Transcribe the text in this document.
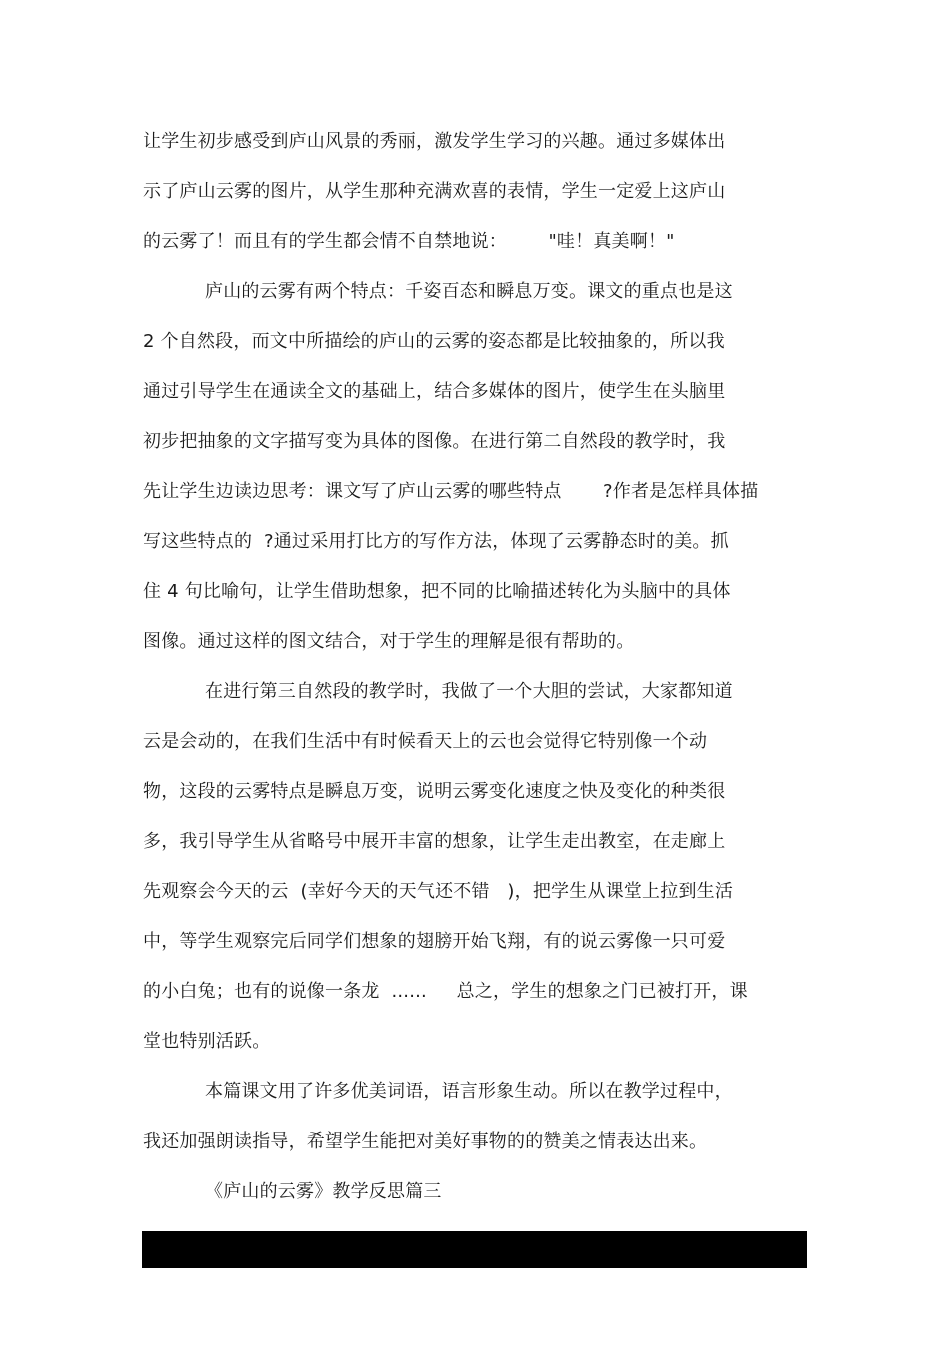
让学生初步感受到庐山风景的秀丽，激发学生学习的兴趣。通过多媒体出
示了庐山云雾的图片，从学生那种充满欢喜的表情，学生一定爱上这庐山
的云雾了！而且有的学生都会情不自禁地说：       "哇！真美啊！"
庐山的云雾有两个特点：千姿百态和瞬息万变。课文的重点也是这
2 个自然段，而文中所描绘的庐山的云雾的姿态都是比较抽象的，所以我
通过引导学生在通读全文的基础上，结合多媒体的图片，使学生在头脑里
初步把抽象的文字描写变为具体的图像。在进行第二自然段的教学时，我
先让学生边读边思考：课文写了庐山云雾的哪些特点       ?作者是怎样具体描
写这些特点的  ?通过采用打比方的写作方法，体现了云雾静态时的美。抓
住 4 句比喻句，让学生借助想象，把不同的比喻描述转化为头脑中的具体
图像。通过这样的图文结合，对于学生的理解是很有帮助的。
在进行第三自然段的教学时，我做了一个大胆的尝试，大家都知道
云是会动的，在我们生活中有时候看天上的云也会觉得它特别像一个动
物，这段的云雾特点是瞬息万变，说明云雾变化速度之快及变化的种类很
多，我引导学生从省略号中展开丰富的想象，让学生走出教室，在走廊上
先观察会今天的云  (幸好今天的天气还不错   )，把学生从课堂上拉到生活
中，等学生观察完后同学们想象的翅膀开始飞翔，有的说云雾像一只可爱
的小白兔；也有的说像一条龙  ......     总之，学生的想象之门已被打开，课
堂也特别活跃。
本篇课文用了许多优美词语，语言形象生动。所以在教学过程中，
我还加强朗读指导，希望学生能把对美好事物的的赞美之情表达出来。
《庐山的云雾》教学反思篇三
